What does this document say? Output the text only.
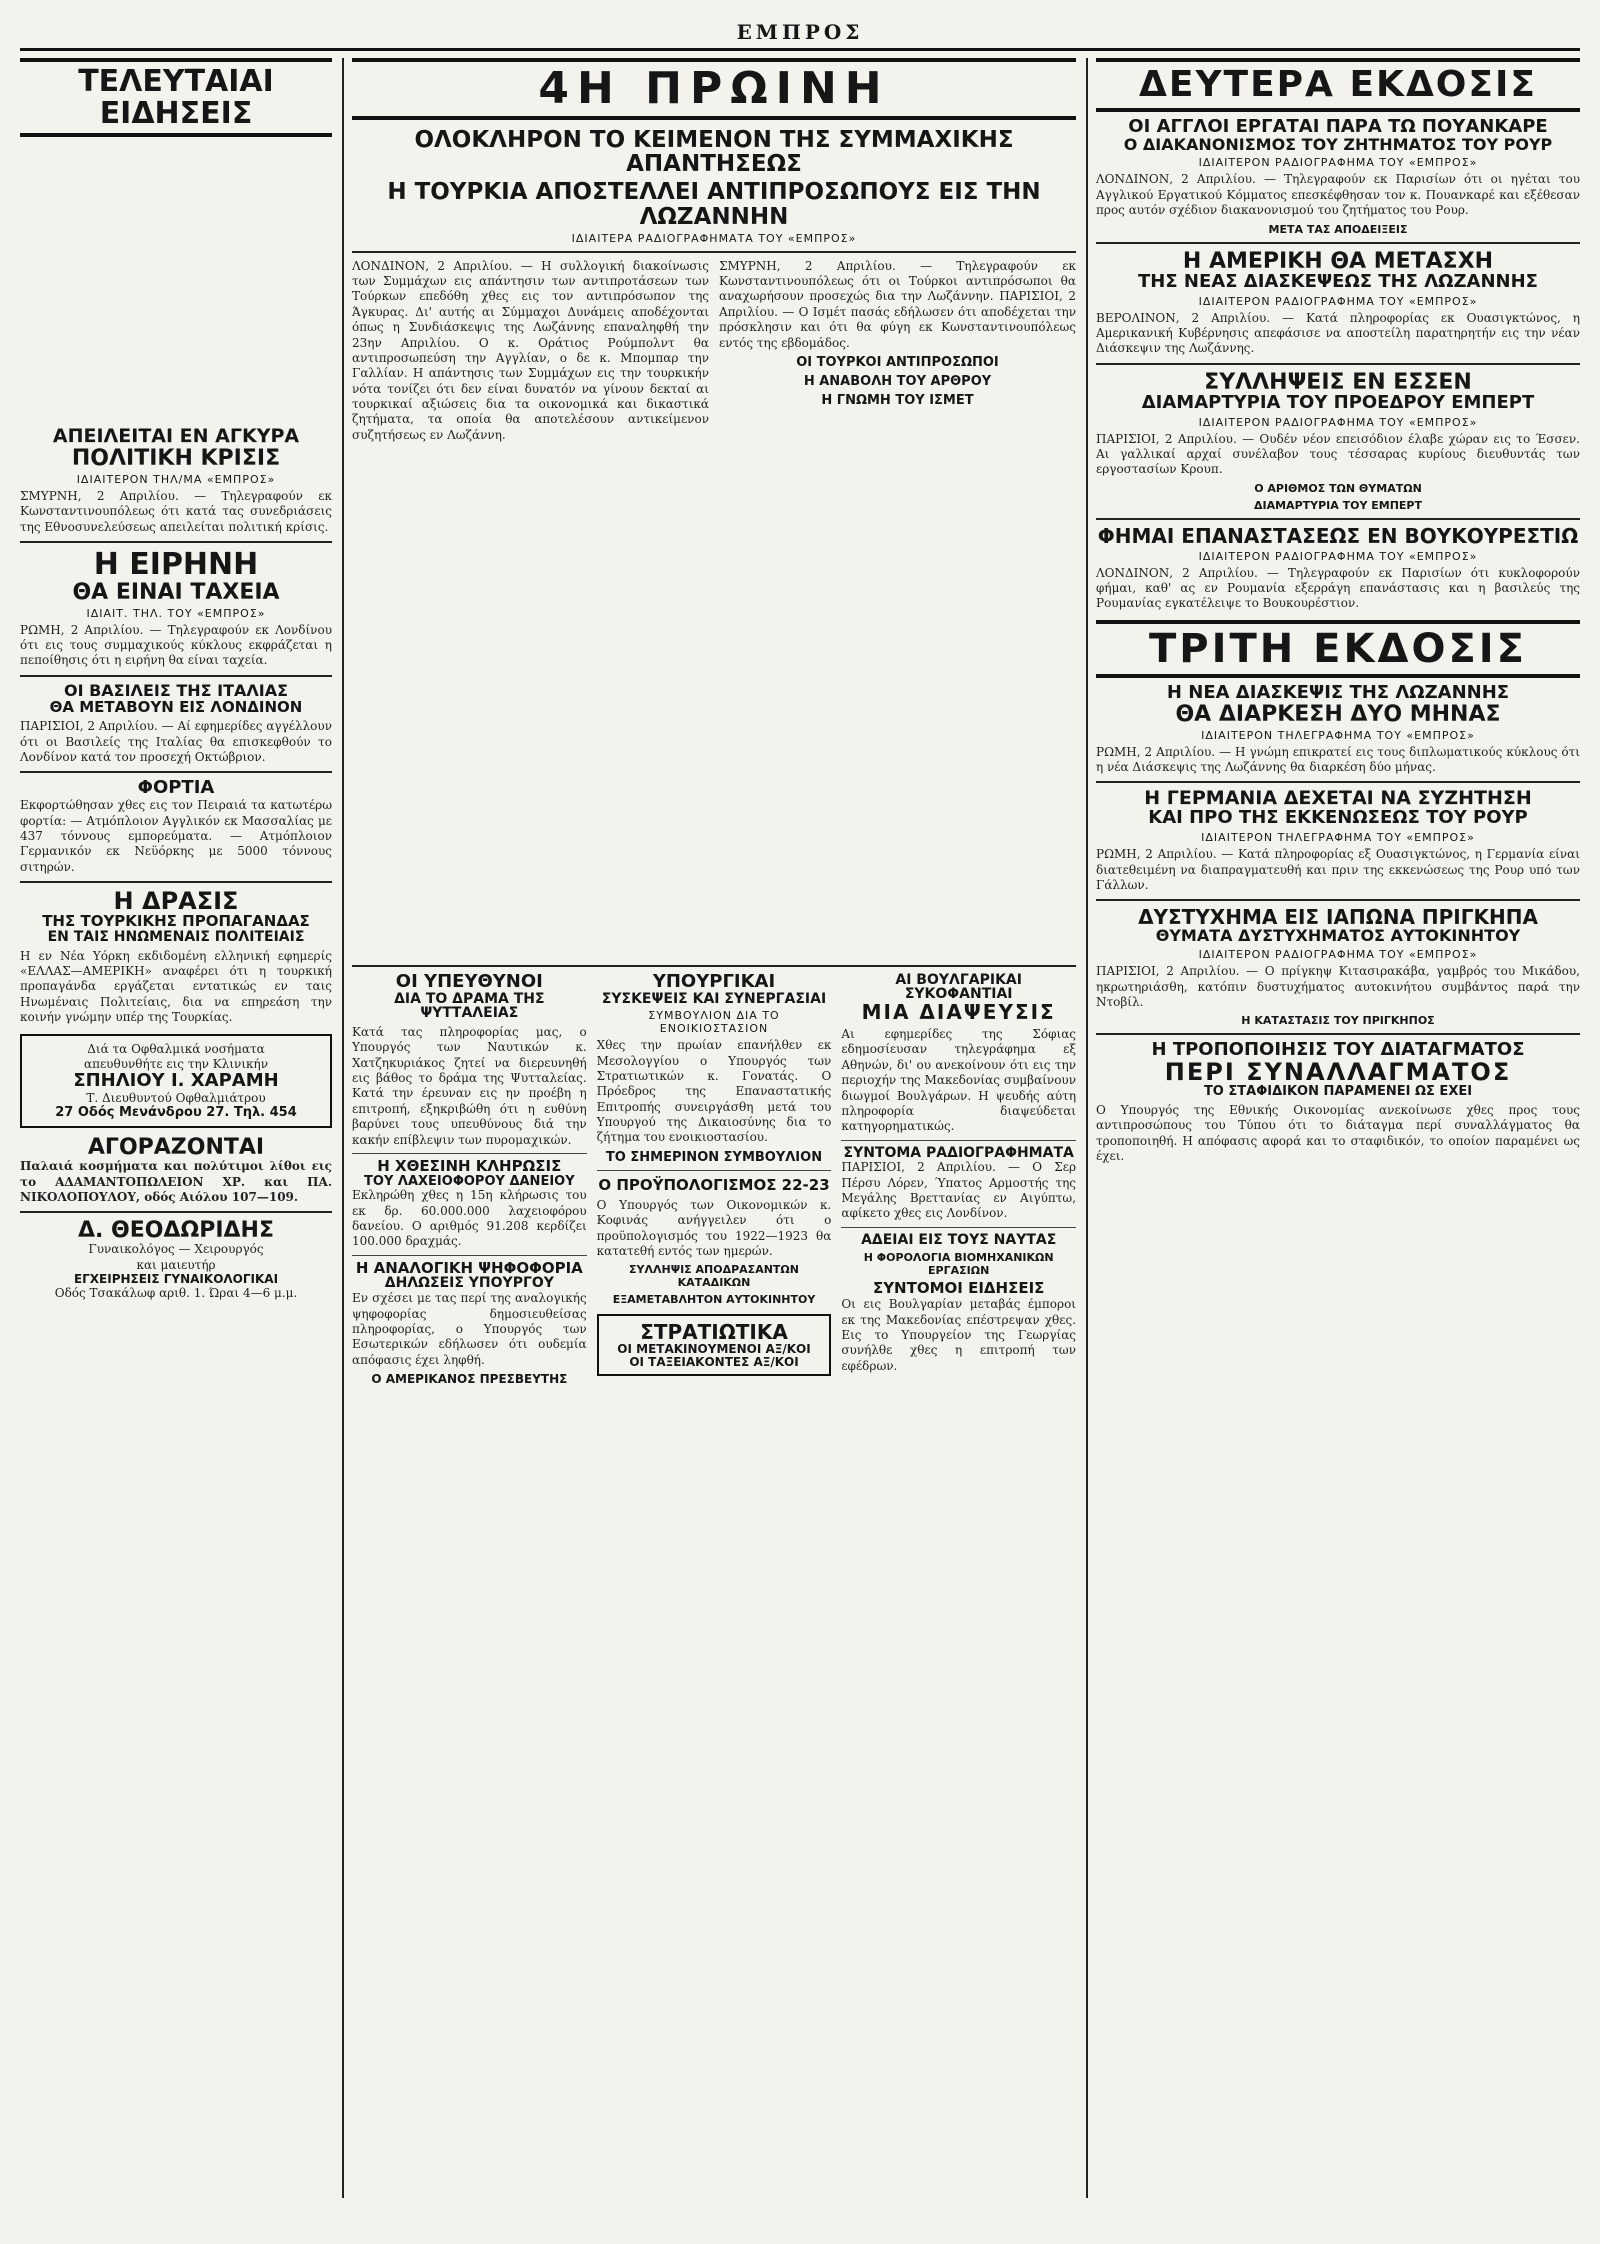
ΕΜΠΡΟΣ
ΤΕΛΕΥΤΑΙΑΙ ΕΙΔΗΣΕΙΣ
ΑΠΕΙΛΕΙΤΑΙ ΕΝ ΑΓΚΥΡΑ
ΠΟΛΙΤΙΚΗ ΚΡΙΣΙΣ
ΙΔΙΑΙΤΕΡΟΝ ΤΗΛ/ΜΑ «ΕΜΠΡΟΣ»
ΣΜΥΡΝΗ, 2 Απριλίου. — Τηλεγραφούν εκ Κωνσταντινουπόλεως ότι κατά τας συνεδριάσεις της Εθνοσυνελεύσεως απειλείται πολιτική κρίσις.
Η ΕΙΡΗΝΗ
ΘΑ ΕΙΝΑΙ ΤΑΧΕΙΑ
ΙΔΙΑΙΤ. ΤΗΛ. ΤΟΥ «ΕΜΠΡΟΣ»
ΡΩΜΗ, 2 Απριλίου. — Τηλεγραφούν εκ Λονδίνου ότι εις τους συμμαχικούς κύκλους εκφράζεται η πεποίθησις ότι η ειρήνη θα είναι ταχεία.
ΟΙ ΒΑΣΙΛΕΙΣ ΤΗΣ ΙΤΑΛΙΑΣ
ΘΑ ΜΕΤΑΒΟΥΝ ΕΙΣ ΛΟΝΔΙΝΟΝ
ΠΑΡΙΣΙΟΙ, 2 Απριλίου. — Αί εφημερίδες αγγέλλουν ότι οι Βασιλείς της Ιταλίας θα επισκεφθούν το Λονδίνον κατά τον προσεχή Οκτώβριον.
ΦΟΡΤΙΑ
Εκφορτώθησαν χθες εις τον Πειραιά τα κατωτέρω φορτία: — Ατμόπλοιον Αγγλικόν εκ Μασσαλίας με 437 τόννους εμπορεύματα. — Ατμόπλοιον Γερμανικόν εκ Νεϋόρκης με 5000 τόννους σιτηρών.
Η ΔΡΑΣΙΣ
ΤΗΣ ΤΟΥΡΚΙΚΗΣ ΠΡΟΠΑΓΑΝΔΑΣ
ΕΝ ΤΑΙΣ ΗΝΩΜΕΝΑΙΣ ΠΟΛΙΤΕΙΑΙΣ
Η εν Νέα Υόρκη εκδιδομένη ελληνική εφημερίς «ΕΛΛΑΣ—ΑΜΕΡΙΚΗ» αναφέρει ότι η τουρκική προπαγάνδα εργάζεται εντατικώς εν ταις Ηνωμέναις Πολιτείαις, δια να επηρεάση την κοινήν γνώμην υπέρ της Τουρκίας.
Διά τα Οφθαλμικά νοσήματα
απευθυνθήτε εις την Κλινικήν
ΣΠΗΛΙΟΥ Ι. ΧΑΡΑΜΗ
Τ. Διευθυντού Οφθαλμιάτρου
27 Οδός Μενάνδρου 27. Τηλ. 454
ΑΓΟΡΑΖΟΝΤΑΙ
Παλαιά κοσμήματα και πολύτιμοι λίθοι εις το ΑΔΑΜΑΝΤΟΠΩΛΕΙΟΝ ΧΡ. και ΠΑ. ΝΙΚΟΛΟΠΟΥΛΟΥ, οδός Αιόλου 107—109.
Δ. ΘΕΟΔΩΡΙΔΗΣ
Γυναικολόγος — Χειρουργός
και μαιευτήρ
ΕΓΧΕΙΡΗΣΕΙΣ ΓΥΝΑΙΚΟΛΟΓΙΚΑΙ
Οδός Τσακάλωφ αριθ. 1. Ώραι 4—6 μ.μ.
4Η ΠΡΩΙΝΗ
ΟΛΟΚΛΗΡΟΝ ΤΟ ΚΕΙΜΕΝΟΝ ΤΗΣ ΣΥΜΜΑΧΙΚΗΣ ΑΠΑΝΤΗΣΕΩΣ
Η ΤΟΥΡΚΙΑ ΑΠΟΣΤΕΛΛΕΙ ΑΝΤΙΠΡΟΣΩΠΟΥΣ ΕΙΣ ΤΗΝ ΛΩΖΑΝΝΗΝ
ΙΔΙΑΙΤΕΡΑ ΡΑΔΙΟΓΡΑΦΗΜΑΤΑ ΤΟΥ «ΕΜΠΡΟΣ»
ΛΟΝΔΙΝΟΝ, 2 Απριλίου. — Η συλλογική διακοίνωσις των Συμμάχων εις απάντησιν των αντιπροτάσεων των Τούρκων επεδόθη χθες εις τον αντιπρόσωπον της Άγκυρας. Δι' αυτής αι Σύμμαχοι Δυνάμεις αποδέχονται όπως η Συνδιάσκεψις της Λωζάννης επαναληφθή την 23ην Απριλίου. Ο κ. Οράτιος Ρούμπολντ θα αντιπροσωπεύση την Αγγλίαν, ο δε κ. Μπομπαρ την Γαλλίαν. Η απάντησις των Συμμάχων εις την τουρκικήν νότα τονίζει ότι δεν είναι δυνατόν να γίνουν δεκταί αι τουρκικαί αξιώσεις δια τα οικονομικά και δικαστικά ζητήματα, τα οποία θα αποτελέσουν αντικείμενον συζητήσεως εν Λωζάννη.
ΣΜΥΡΝΗ, 2 Απριλίου. — Τηλεγραφούν εκ Κωνσταντινουπόλεως ότι οι Τούρκοι αντιπρόσωποι θα αναχωρήσουν προσεχώς δια την Λωζάννην. ΠΑΡΙΣΙΟΙ, 2 Απριλίου. — Ο Ισμέτ πασάς εδήλωσεν ότι αποδέχεται την πρόσκλησιν και ότι θα φύγη εκ Κωνσταντινουπόλεως εντός της εβδομάδος.
ΟΙ ΤΟΥΡΚΟΙ ΑΝΤΙΠΡΟΣΩΠΟΙ
Η ΑΝΑΒΟΛΗ ΤΟΥ ΑΡΘΡΟΥ
Η ΓΝΩΜΗ ΤΟΥ ΙΣΜΕΤ
ΟΙ ΥΠΕΥΘΥΝΟΙ
ΔΙΑ ΤΟ ΔΡΑΜΑ ΤΗΣ ΨΥΤΤΑΛΕΙΑΣ
Κατά τας πληροφορίας μας, ο Υπουργός των Ναυτικών κ. Χατζηκυριάκος ζητεί να διερευνηθή εις βάθος το δράμα της Ψυτταλείας. Κατά την έρευναν εις ην προέβη η επιτροπή, εξηκριβώθη ότι η ευθύνη βαρύνει τους υπευθύνους διά την κακήν επίβλεψιν των πυρομαχικών.
Η ΧΘΕΣΙΝΗ ΚΛΗΡΩΣΙΣ
ΤΟΥ ΛΑΧΕΙΟΦΟΡΟΥ ΔΑΝΕΙΟΥ
Εκληρώθη χθες η 15η κλήρωσις του εκ δρ. 60.000.000 λαχειοφόρου δανείου. Ο αριθμός 91.208 κερδίζει 100.000 δραχμάς.
Η ΑΝΑΛΟΓΙΚΗ ΨΗΦΟΦΟΡΙΑ
ΔΗΛΩΣΕΙΣ ΥΠΟΥΡΓΟΥ
Εν σχέσει με τας περί της αναλογικής ψηφοφορίας δημοσιευθείσας πληροφορίας, ο Υπουργός των Εσωτερικών εδήλωσεν ότι ουδεμία απόφασις έχει ληφθή.
Ο ΑΜΕΡΙΚΑΝΟΣ ΠΡΕΣΒΕΥΤΗΣ
ΥΠΟΥΡΓΙΚΑΙ
ΣΥΣΚΕΨΕΙΣ ΚΑΙ ΣΥΝΕΡΓΑΣΙΑΙ
ΣΥΜΒΟΥΛΙΟΝ ΔΙΑ ΤΟ ΕΝΟΙΚΙΟΣΤΑΣΙΟΝ
Χθες την πρωίαν επανήλθεν εκ Μεσολογγίου ο Υπουργός των Στρατιωτικών κ. Γονατάς. Ο Πρόεδρος της Επαναστατικής Επιτροπής συνειργάσθη μετά του Υπουργού της Δικαιοσύνης δια το ζήτημα του ενοικιοστασίου.
ΤΟ ΣΗΜΕΡΙΝΟΝ ΣΥΜΒΟΥΛΙΟΝ
Ο ΠΡΟΫΠΟΛΟΓΙΣΜΟΣ 22-23
Ο Υπουργός των Οικονομικών κ. Κοφινάς ανήγγειλεν ότι ο προϋπολογισμός του 1922—1923 θα κατατεθή εντός των ημερών.
ΣΥΛΛΗΨΙΣ ΑΠΟΔΡΑΣΑΝΤΩΝ ΚΑΤΑΔΙΚΩΝ
ΕΞΑΜΕΤΑΒΛΗΤΟΝ ΑΥΤΟΚΙΝΗΤΟΥ
ΣΤΡΑΤΙΩΤΙΚΑ
ΟΙ ΜΕΤΑΚΙΝΟΥΜΕΝΟΙ ΑΞ/ΚΟΙ
ΟΙ ΤΑΞΕΙΑΚΟΝΤΕΣ ΑΞ/ΚΟΙ
ΑΙ ΒΟΥΛΓΑΡΙΚΑΙ ΣΥΚΟΦΑΝΤΙΑΙ
ΜΙΑ ΔΙΑΨΕΥΣΙΣ
Αι εφημερίδες της Σόφιας εδημοσίευσαν τηλεγράφημα εξ Αθηνών, δι' ου ανεκοίνουν ότι εις την περιοχήν της Μακεδονίας συμβαίνουν διωγμοί Βουλγάρων. Η ψευδής αύτη πληροφορία διαψεύδεται κατηγορηματικώς.
ΣΥΝΤΟΜΑ ΡΑΔΙΟΓΡΑΦΗΜΑΤΑ
ΠΑΡΙΣΙΟΙ, 2 Απριλίου. — Ο Σερ Πέρσυ Λόρεν, Ύπατος Αρμοστής της Μεγάλης Βρεττανίας εν Αιγύπτω, αφίκετο χθες εις Λονδίνον.
ΑΔΕΙΑΙ ΕΙΣ ΤΟΥΣ ΝΑΥΤΑΣ
Η ΦΟΡΟΛΟΓΙΑ ΒΙΟΜΗΧΑΝΙΚΩΝ ΕΡΓΑΣΙΩΝ
ΣΥΝΤΟΜΟΙ ΕΙΔΗΣΕΙΣ
Οι εις Βουλγαρίαν μεταβάς έμποροι εκ της Μακεδονίας επέστρεψαν χθες. Εις το Υπουργείον της Γεωργίας συνήλθε χθες η επιτροπή των εφέδρων.
ΔΕΥΤΕΡΑ ΕΚΔΟΣΙΣ
ΟΙ ΑΓΓΛΟΙ ΕΡΓΑΤΑΙ ΠΑΡΑ ΤΩ ΠΟΥΑΝΚΑΡΕ
Ο ΔΙΑΚΑΝΟΝΙΣΜΟΣ ΤΟΥ ΖΗΤΗΜΑΤΟΣ ΤΟΥ ΡΟΥΡ
ΙΔΙΑΙΤΕΡΟΝ ΡΑΔΙΟΓΡΑΦΗΜΑ ΤΟΥ «ΕΜΠΡΟΣ»
ΛΟΝΔΙΝΟΝ, 2 Απριλίου. — Τηλεγραφούν εκ Παρισίων ότι οι ηγέται του Αγγλικού Εργατικού Κόμματος επεσκέφθησαν τον κ. Πουανκαρέ και εξέθεσαν προς αυτόν σχέδιον διακανονισμού του ζητήματος του Ρουρ.
ΜΕΤΑ ΤΑΣ ΑΠΟΔΕΙΞΕΙΣ
Η ΑΜΕΡΙΚΗ ΘΑ ΜΕΤΑΣΧΗ
ΤΗΣ ΝΕΑΣ ΔΙΑΣΚΕΨΕΩΣ ΤΗΣ ΛΩΖΑΝΝΗΣ
ΙΔΙΑΙΤΕΡΟΝ ΡΑΔΙΟΓΡΑΦΗΜΑ ΤΟΥ «ΕΜΠΡΟΣ»
ΒΕΡΟΛΙΝΟΝ, 2 Απριλίου. — Κατά πληροφορίας εκ Ουασιγκτώνος, η Αμερικανική Κυβέρνησις απεφάσισε να αποστείλη παρατηρητήν εις την νέαν Διάσκεψιν της Λωζάννης.
ΣΥΛΛΗΨΕΙΣ ΕΝ ΕΣΣΕΝ
ΔΙΑΜΑΡΤΥΡΙΑ ΤΟΥ ΠΡΟΕΔΡΟΥ ΕΜΠΕΡΤ
ΙΔΙΑΙΤΕΡΟΝ ΡΑΔΙΟΓΡΑΦΗΜΑ ΤΟΥ «ΕΜΠΡΟΣ»
ΠΑΡΙΣΙΟΙ, 2 Απριλίου. — Ουδέν νέον επεισόδιον έλαβε χώραν εις το Έσσεν. Αι γαλλικαί αρχαί συνέλαβον τους τέσσαρας κυρίους διευθυντάς των εργοστασίων Κρουπ.
Ο ΑΡΙΘΜΟΣ ΤΩΝ ΘΥΜΑΤΩΝ
ΔΙΑΜΑΡΤΥΡΙΑ ΤΟΥ ΕΜΠΕΡΤ
ΦΗΜΑΙ ΕΠΑΝΑΣΤΑΣΕΩΣ ΕΝ ΒΟΥΚΟΥΡΕΣΤΙΩ
ΙΔΙΑΙΤΕΡΟΝ ΡΑΔΙΟΓΡΑΦΗΜΑ ΤΟΥ «ΕΜΠΡΟΣ»
ΛΟΝΔΙΝΟΝ, 2 Απριλίου. — Τηλεγραφούν εκ Παρισίων ότι κυκλοφορούν φήμαι, καθ' ας εν Ρουμανία εξερράγη επανάστασις και η βασιλεύς της Ρουμανίας εγκατέλειψε το Βουκουρέστιον.
ΤΡΙΤΗ ΕΚΔΟΣΙΣ
Η ΝΕΑ ΔΙΑΣΚΕΨΙΣ ΤΗΣ ΛΩΖΑΝΝΗΣ
ΘΑ ΔΙΑΡΚΕΣΗ ΔΥΟ ΜΗΝΑΣ
ΙΔΙΑΙΤΕΡΟΝ ΤΗΛΕΓΡΑΦΗΜΑ ΤΟΥ «ΕΜΠΡΟΣ»
ΡΩΜΗ, 2 Απριλίου. — Η γνώμη επικρατεί εις τους διπλωματικούς κύκλους ότι η νέα Διάσκεψις της Λωζάννης θα διαρκέση δύο μήνας.
Η ΓΕΡΜΑΝΙΑ ΔΕΧΕΤΑΙ ΝΑ ΣΥΖΗΤΗΣΗ
ΚΑΙ ΠΡΟ ΤΗΣ ΕΚΚΕΝΩΣΕΩΣ ΤΟΥ ΡΟΥΡ
ΙΔΙΑΙΤΕΡΟΝ ΤΗΛΕΓΡΑΦΗΜΑ ΤΟΥ «ΕΜΠΡΟΣ»
ΡΩΜΗ, 2 Απριλίου. — Κατά πληροφορίας εξ Ουασιγκτώνος, η Γερμανία είναι διατεθειμένη να διαπραγματευθή και πριν της εκκενώσεως της Ρουρ υπό των Γάλλων.
ΔΥΣΤΥΧΗΜΑ ΕΙΣ ΙΑΠΩΝΑ ΠΡΙΓΚΗΠΑ
ΘΥΜΑΤΑ ΔΥΣΤΥΧΗΜΑΤΟΣ ΑΥΤΟΚΙΝΗΤΟΥ
ΙΔΙΑΙΤΕΡΟΝ ΡΑΔΙΟΓΡΑΦΗΜΑ ΤΟΥ «ΕΜΠΡΟΣ»
ΠΑΡΙΣΙΟΙ, 2 Απριλίου. — Ο πρίγκηψ Κιτασιρακάβα, γαμβρός του Μικάδου, ηκρωτηριάσθη, κατόπιν δυστυχήματος αυτοκινήτου συμβάντος παρά την Ντοβίλ.
Η ΚΑΤΑΣΤΑΣΙΣ ΤΟΥ ΠΡΙΓΚΗΠΟΣ
Η ΤΡΟΠΟΠΟΙΗΣΙΣ ΤΟΥ ΔΙΑΤΑΓΜΑΤΟΣ
ΠΕΡΙ ΣΥΝΑΛΛΑΓΜΑΤΟΣ
ΤΟ ΣΤΑΦΙΔΙΚΟΝ ΠΑΡΑΜΕΝΕΙ ΩΣ ΕΧΕΙ
Ο Υπουργός της Εθνικής Οικονομίας ανεκοίνωσε χθες προς τους αντιπροσώπους του Τύπου ότι το διάταγμα περί συναλλάγματος θα τροποποιηθή. Η απόφασις αφορά και το σταφιδικόν, το οποίον παραμένει ως έχει.
